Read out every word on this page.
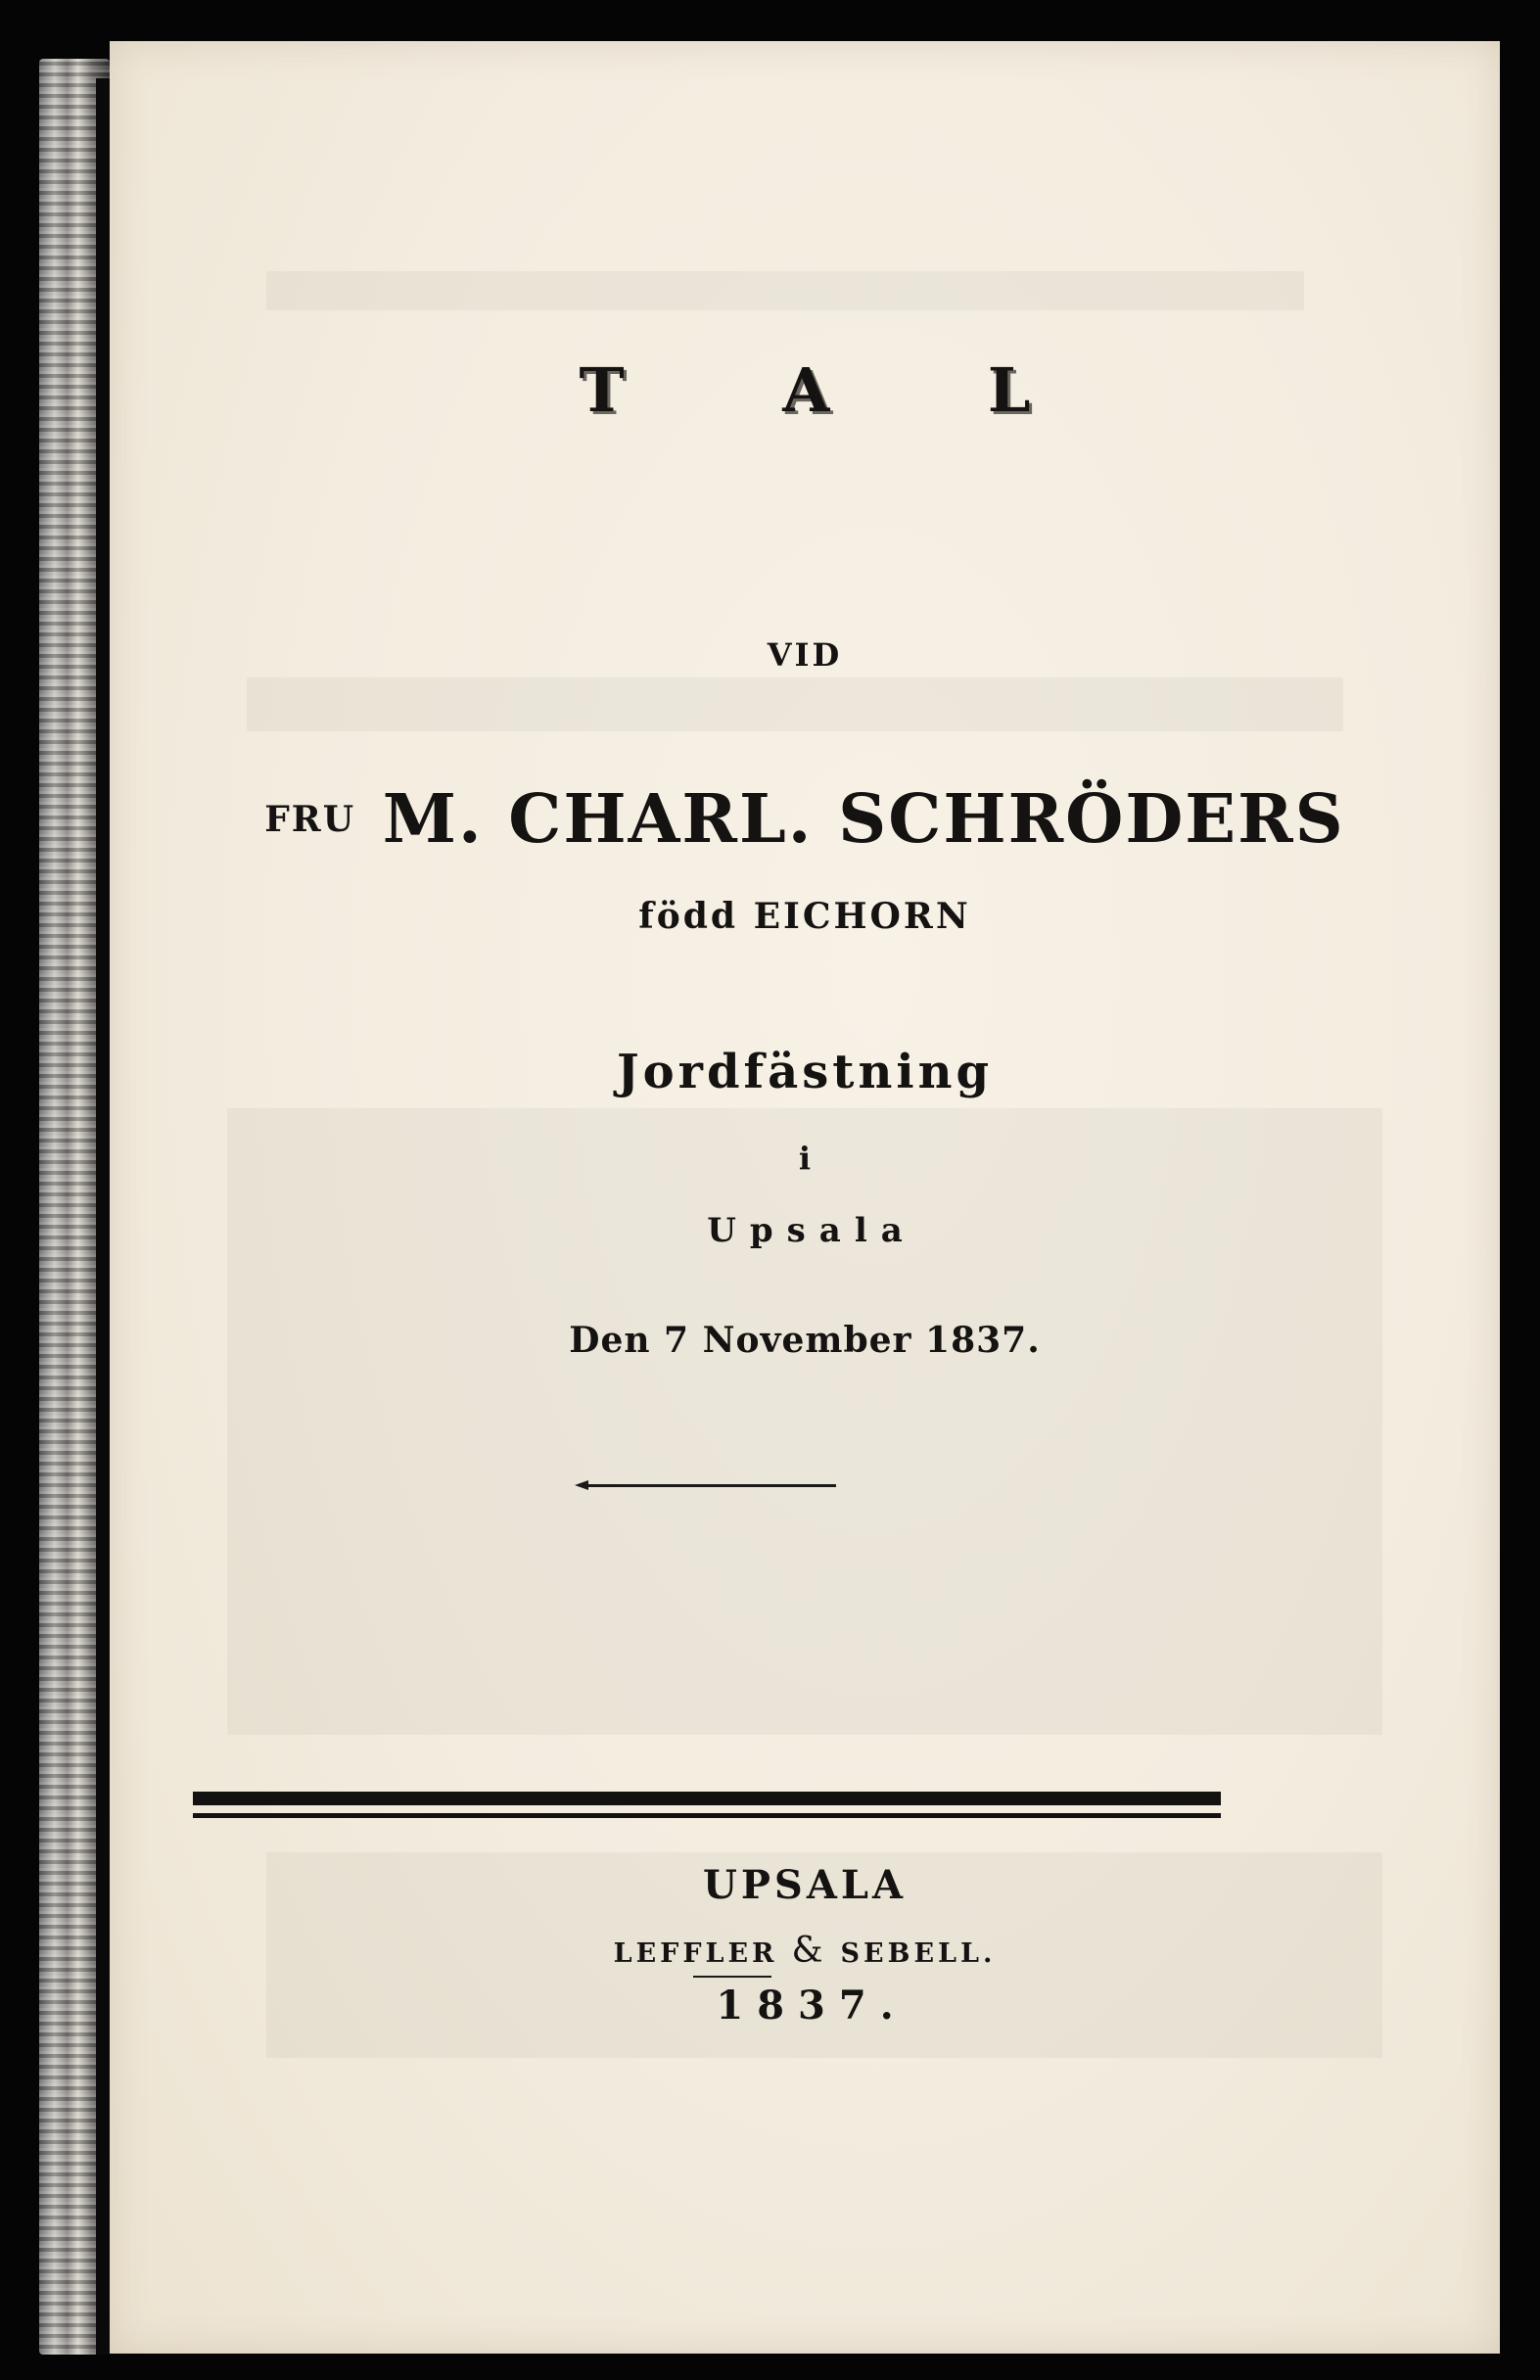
T A L
VID
FRU M. CHARL. SCHRÖDERS
född EICHORN
Jordfästning
i
Upsala
Den 7 November 1837.
UPSALA
LEFFLER & SEBELL.
1837.
